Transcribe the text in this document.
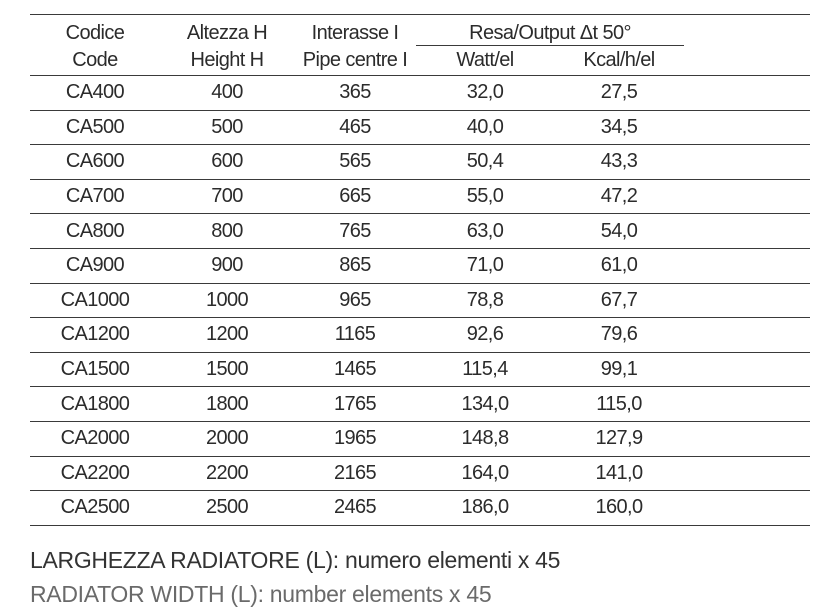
Codice	Altezza H	Interasse I	Resa/Output Δt 50°	

Code	Height H	Pipe centre I	Watt/el	Kcal/h/el	
CA400	400	365	32,0	27,5	
CA500	500	465	40,0	34,5	
CA600	600	565	50,4	43,3	
CA700	700	665	55,0	47,2	
CA800	800	765	63,0	54,0	
CA900	900	865	71,0	61,0	
CA1000	1000	965	78,8	67,7	
CA1200	1200	1165	92,6	79,6	
CA1500	1500	1465	115,4	99,1	
CA1800	1800	1765	134,0	115,0	
CA2000	2000	1965	148,8	127,9	
CA2200	2200	2165	164,0	141,0	
CA2500	2500	2465	186,0	160,0	
LARGHEZZA RADIATORE (L): numero elementi x 45
RADIATOR WIDTH (L): number elements x 45
